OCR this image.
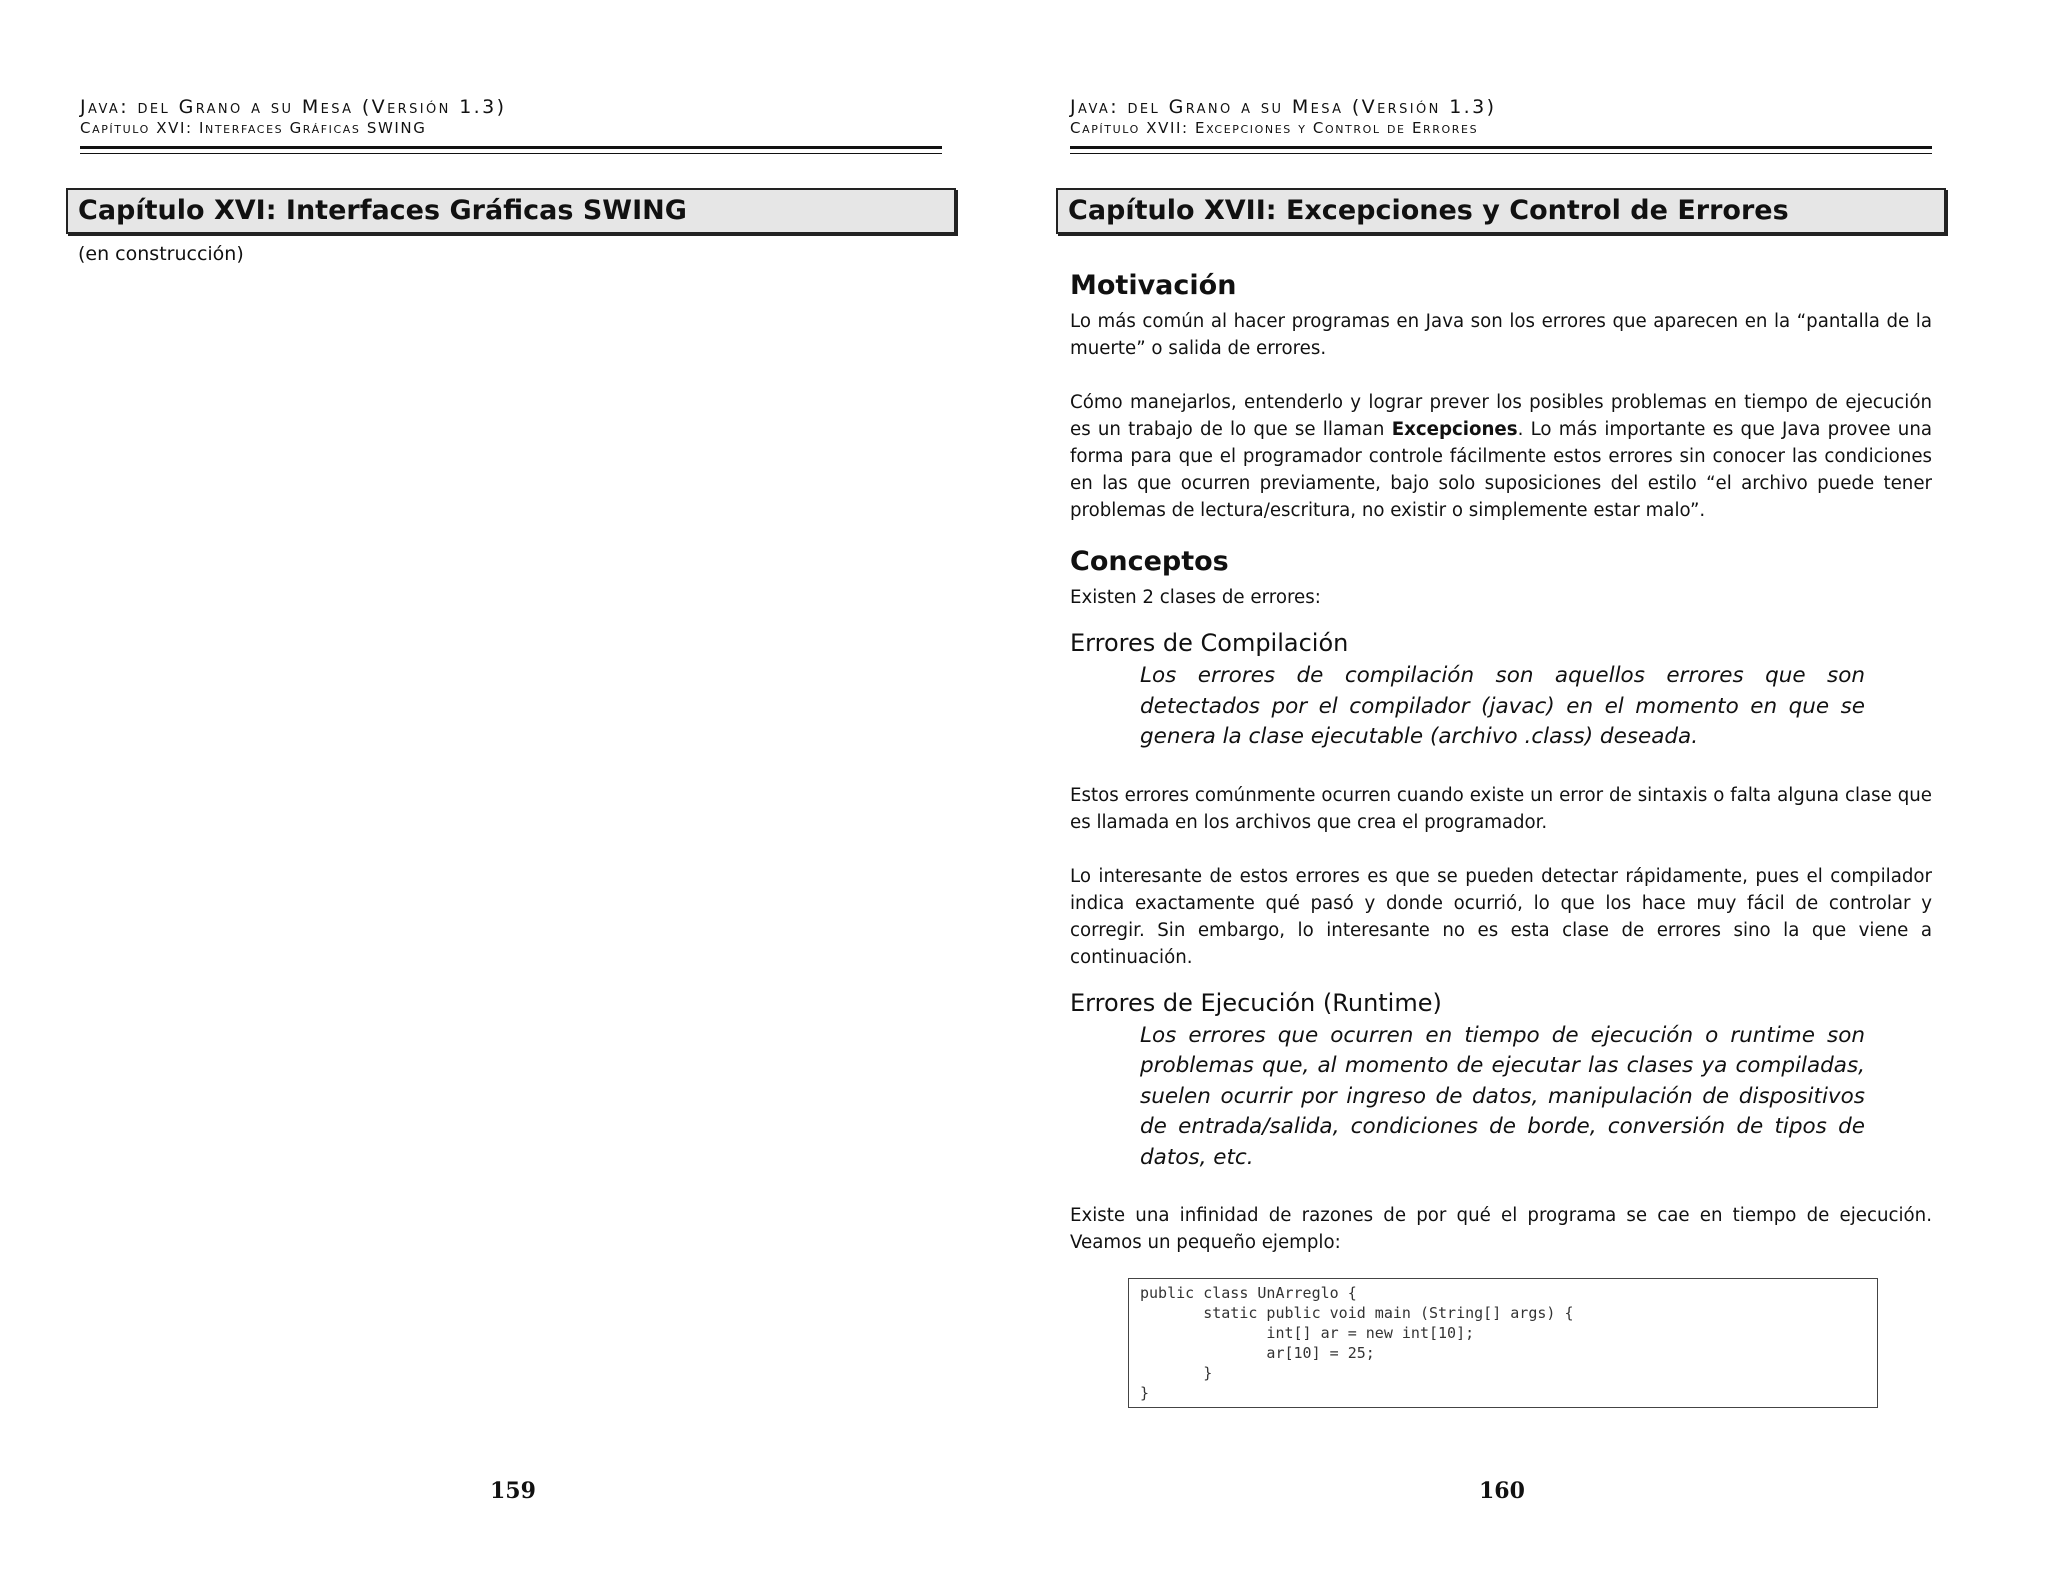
Java: del Grano a su Mesa (Versión 1.3)
Capítulo XVI: Interfaces Gráficas SWING
Capítulo XVI: Interfaces Gráficas SWING
(en construcción)
159
Java: del Grano a su Mesa (Versión 1.3)
Capítulo XVII: Excepciones y Control de Errores
Capítulo XVII: Excepciones y Control de Errores
Motivación

Lo más común al hacer programas en Java son los errores que aparecen en la “pantalla de la muerte” o salida de errores.

Cómo manejarlos, entenderlo y lograr prever los posibles problemas en tiempo de ejecución es un trabajo de lo que se llaman Excepciones. Lo más importante es que Java provee una forma para que el programador controle fácilmente estos errores sin conocer las condiciones en las que ocurren previamente, bajo solo suposiciones del estilo “el archivo puede tener problemas de lectura/escritura, no existir o simplemente estar malo”.

Conceptos

Existen 2 clases de errores:

Errores de Compilación

Los errores de compilación son aquellos errores que son detectados por el compilador (javac) en el momento en que se genera la clase ejecutable (archivo .class) deseada.

Estos errores comúnmente ocurren cuando existe un error de sintaxis o falta alguna clase que es llamada en los archivos que crea el programador.

Lo interesante de estos errores es que se pueden detectar rápidamente, pues el compilador indica exactamente qué pasó y donde ocurrió, lo que los hace muy fácil de controlar y corregir. Sin embargo, lo interesante no es esta clase de errores sino la que viene a continuación.

Errores de Ejecución (Runtime)

Los errores que ocurren en tiempo de ejecución o runtime son problemas que, al momento de ejecutar las clases ya compiladas, suelen ocurrir por ingreso de datos, manipulación de dispositivos de entrada/salida, condiciones de borde, conversión de tipos de datos, etc.

Existe una infinidad de razones de por qué el programa se cae en tiempo de ejecución. Veamos un pequeño ejemplo:

public class UnArreglo {
static public void main (String[] args) {
int[] ar = new int[10];
ar[10] = 25;
}
}
160
